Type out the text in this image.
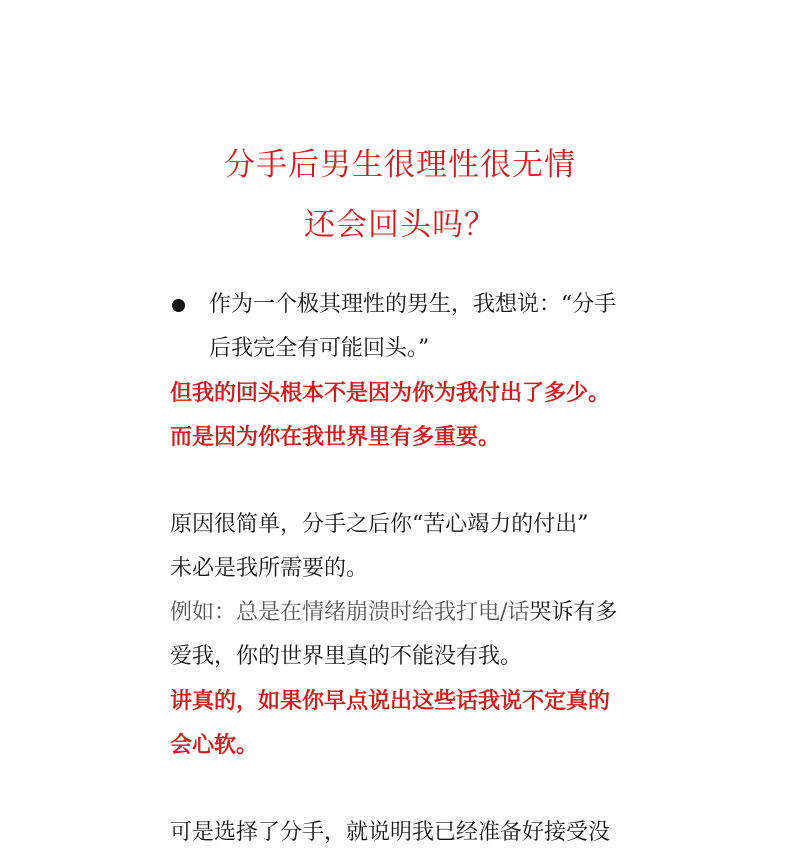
分手后男生很理性很无情
还会回头吗？
作为一个极其理性的男生，我想说：“分手
后我完全有可能回头。”
但我的回头根本不是因为你为我付出了多少。
而是因为你在我世界里有多重要。
原因很简单，分手之后你“苦心竭力的付出”
未必是我所需要的。
例如：总是在情绪崩溃时给我打电/话哭诉有多
爱我，你的世界里真的不能没有我。
讲真的，如果你早点说出这些话我说不定真的
会心软。
可是选择了分手，就说明我已经准备好接受没
